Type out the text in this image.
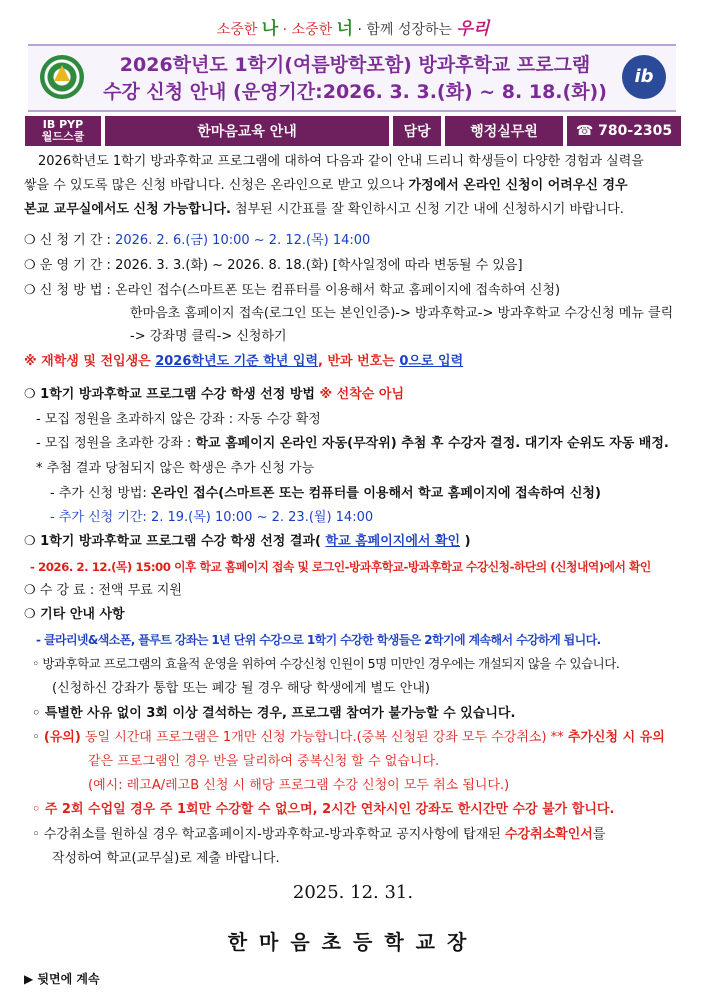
소중한 나 · 소중한 너 · 함께 성장하는 우리
ib
2026학년도 1학기(여름방학포함) 방과후학교 프로그램
수강 신청 안내 (운영기간:2026. 3. 3.(화) ~ 8. 18.(화))
IB PYP
월드스쿨	한마음교육 안내	담당	행정실무원	☎ 780-2305
2026학년도 1학기 방과후학교 프로그램에 대하여 다음과 같이 안내 드리니 학생들이 다양한 경험과 실력을
쌓을 수 있도록 많은 신청 바랍니다. 신청은 온라인으로 받고 있으나 가정에서 온라인 신청이 어려우신 경우
본교 교무실에서도 신청 가능합니다. 첨부된 시간표를 잘 확인하시고 신청 기간 내에 신청하시기 바랍니다.
❍ 신 청 기 간 : 2026. 2. 6.(금) 10:00 ~ 2. 12.(목) 14:00
❍ 운 영 기 간 : 2026. 3. 3.(화) ~ 2026. 8. 18.(화) [학사일정에 따라 변동될 수 있음]
❍ 신 청 방 법 : 온라인 접수(스마트폰 또는 컴퓨터를 이용해서 학교 홈페이지에 접속하여 신청)
한마음초 홈페이지 접속(로그인 또는 본인인증)-> 방과후학교-> 방과후학교 수강신청 메뉴 클릭
-> 강좌명 클릭-> 신청하기
※ 재학생 및 전입생은 2026학년도 기준 학년 입력, 반과 번호는 0으로 입력
❍ 1학기 방과후학교 프로그램 수강 학생 선정 방법 ※ 선착순 아님
- 모집 정원을 초과하지 않은 강좌 : 자동 수강 확정
- 모집 정원을 초과한 강좌 : 학교 홈페이지 온라인 자동(무작위) 추첨 후 수강자 결정. 대기자 순위도 자동 배정.
* 추첨 결과 당첨되지 않은 학생은 추가 신청 가능
- 추가 신청 방법: 온라인 접수(스마트폰 또는 컴퓨터를 이용해서 학교 홈페이지에 접속하여 신청)
- 추가 신청 기간: 2. 19.(목) 10:00 ~ 2. 23.(월) 14:00
❍ 1학기 방과후학교 프로그램 수강 학생 선정 결과( 학교 홈페이지에서 확인 )
- 2026. 2. 12.(목) 15:00 이후 학교 홈페이지 접속 및 로그인-방과후학교-방과후학교 수강신청-하단의 (신청내역)에서 확인
❍ 수 강 료 : 전액 무료 지원
❍ 기타 안내 사항
- 클라리넷&색소폰, 플루트 강좌는 1년 단위 수강으로 1학기 수강한 학생들은 2학기에 계속해서 수강하게 됩니다.
◦ 방과후학교 프로그램의 효율적 운영을 위하여 수강신청 인원이 5명 미만인 경우에는 개설되지 않을 수 있습니다.
(신청하신 강좌가 통합 또는 폐강 될 경우 해당 학생에게 별도 안내)
◦ 특별한 사유 없이 3회 이상 결석하는 경우, 프로그램 참여가 불가능할 수 있습니다.
◦ (유의) 동일 시간대 프로그램은 1개만 신청 가능합니다.(중복 신청된 강좌 모두 수강취소) ** 추가신청 시 유의
같은 프로그램인 경우 반을 달리하여 중복신청 할 수 없습니다.
(예시: 레고A/레고B 신청 시 해당 프로그램 수강 신청이 모두 취소 됩니다.)
◦ 주 2회 수업일 경우 주 1회만 수강할 수 없으며, 2시간 연차시인 강좌도 한시간만 수강 불가 합니다.
◦ 수강취소를 원하실 경우 학교홈페이지-방과후학교-방과후학교 공지사항에 탑재된 수강취소확인서를
작성하여 학교(교무실)로 제출 바랍니다.
2025. 12. 31.
한마음초등학교장
▶ 뒷면에 계속
